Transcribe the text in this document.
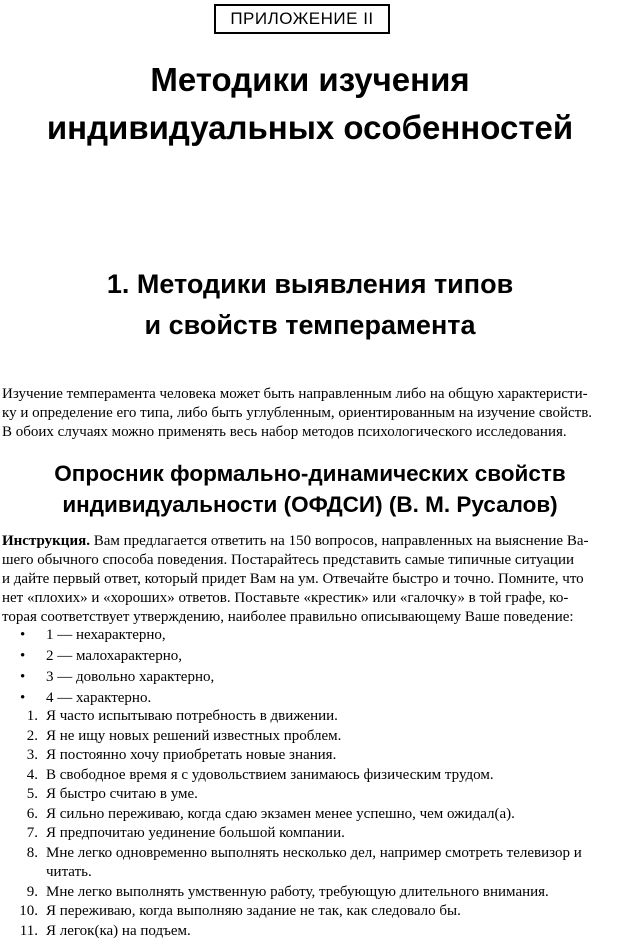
ПРИЛОЖЕНИЕ II
Методики изучения
индивидуальных особенностей
1. Методики выявления типов
и свойств темперамента
Изучение темперамента человека может быть направленным либо на общую характеристи-
ку и определение его типа, либо быть углубленным, ориентированным на изучение свойств.
В обоих случаях можно применять весь набор методов психологического исследования.
Опросник формально-динамических свойств
индивидуальности (ОФДСИ) (В. М. Русалов)
Инструкция. Вам предлагается ответить на 150 вопросов, направленных на выяснение Ва-
шего обычного способа поведения. Постарайтесь представить самые типичные ситуации
и дайте первый ответ, который придет Вам на ум. Отвечайте быстро и точно. Помните, что
нет «плохих» и «хороших» ответов. Поставьте «крестик» или «галочку» в той графе, ко-
торая соответствует утверждению, наиболее правильно описывающему Ваше поведение:
• 1 — нехарактерно,
• 2 — малохарактерно,
• 3 — довольно характерно,
• 4 — характерно.
1. Я часто испытываю потребность в движении.
2. Я не ищу новых решений известных проблем.
3. Я постоянно хочу приобретать новые знания.
4. В свободное время я с удовольствием занимаюсь физическим трудом.
5. Я быстро считаю в уме.
6. Я сильно переживаю, когда сдаю экзамен менее успешно, чем ожидал(а).
7. Я предпочитаю уединение большой компании.
8. Мне легко одновременно выполнять несколько дел, например смотреть телевизор и читать.
9. Мне легко выполнять умственную работу, требующую длительного внимания.
10. Я переживаю, когда выполняю задание не так, как следовало бы.
11. Я легок(ка) на подъем.
